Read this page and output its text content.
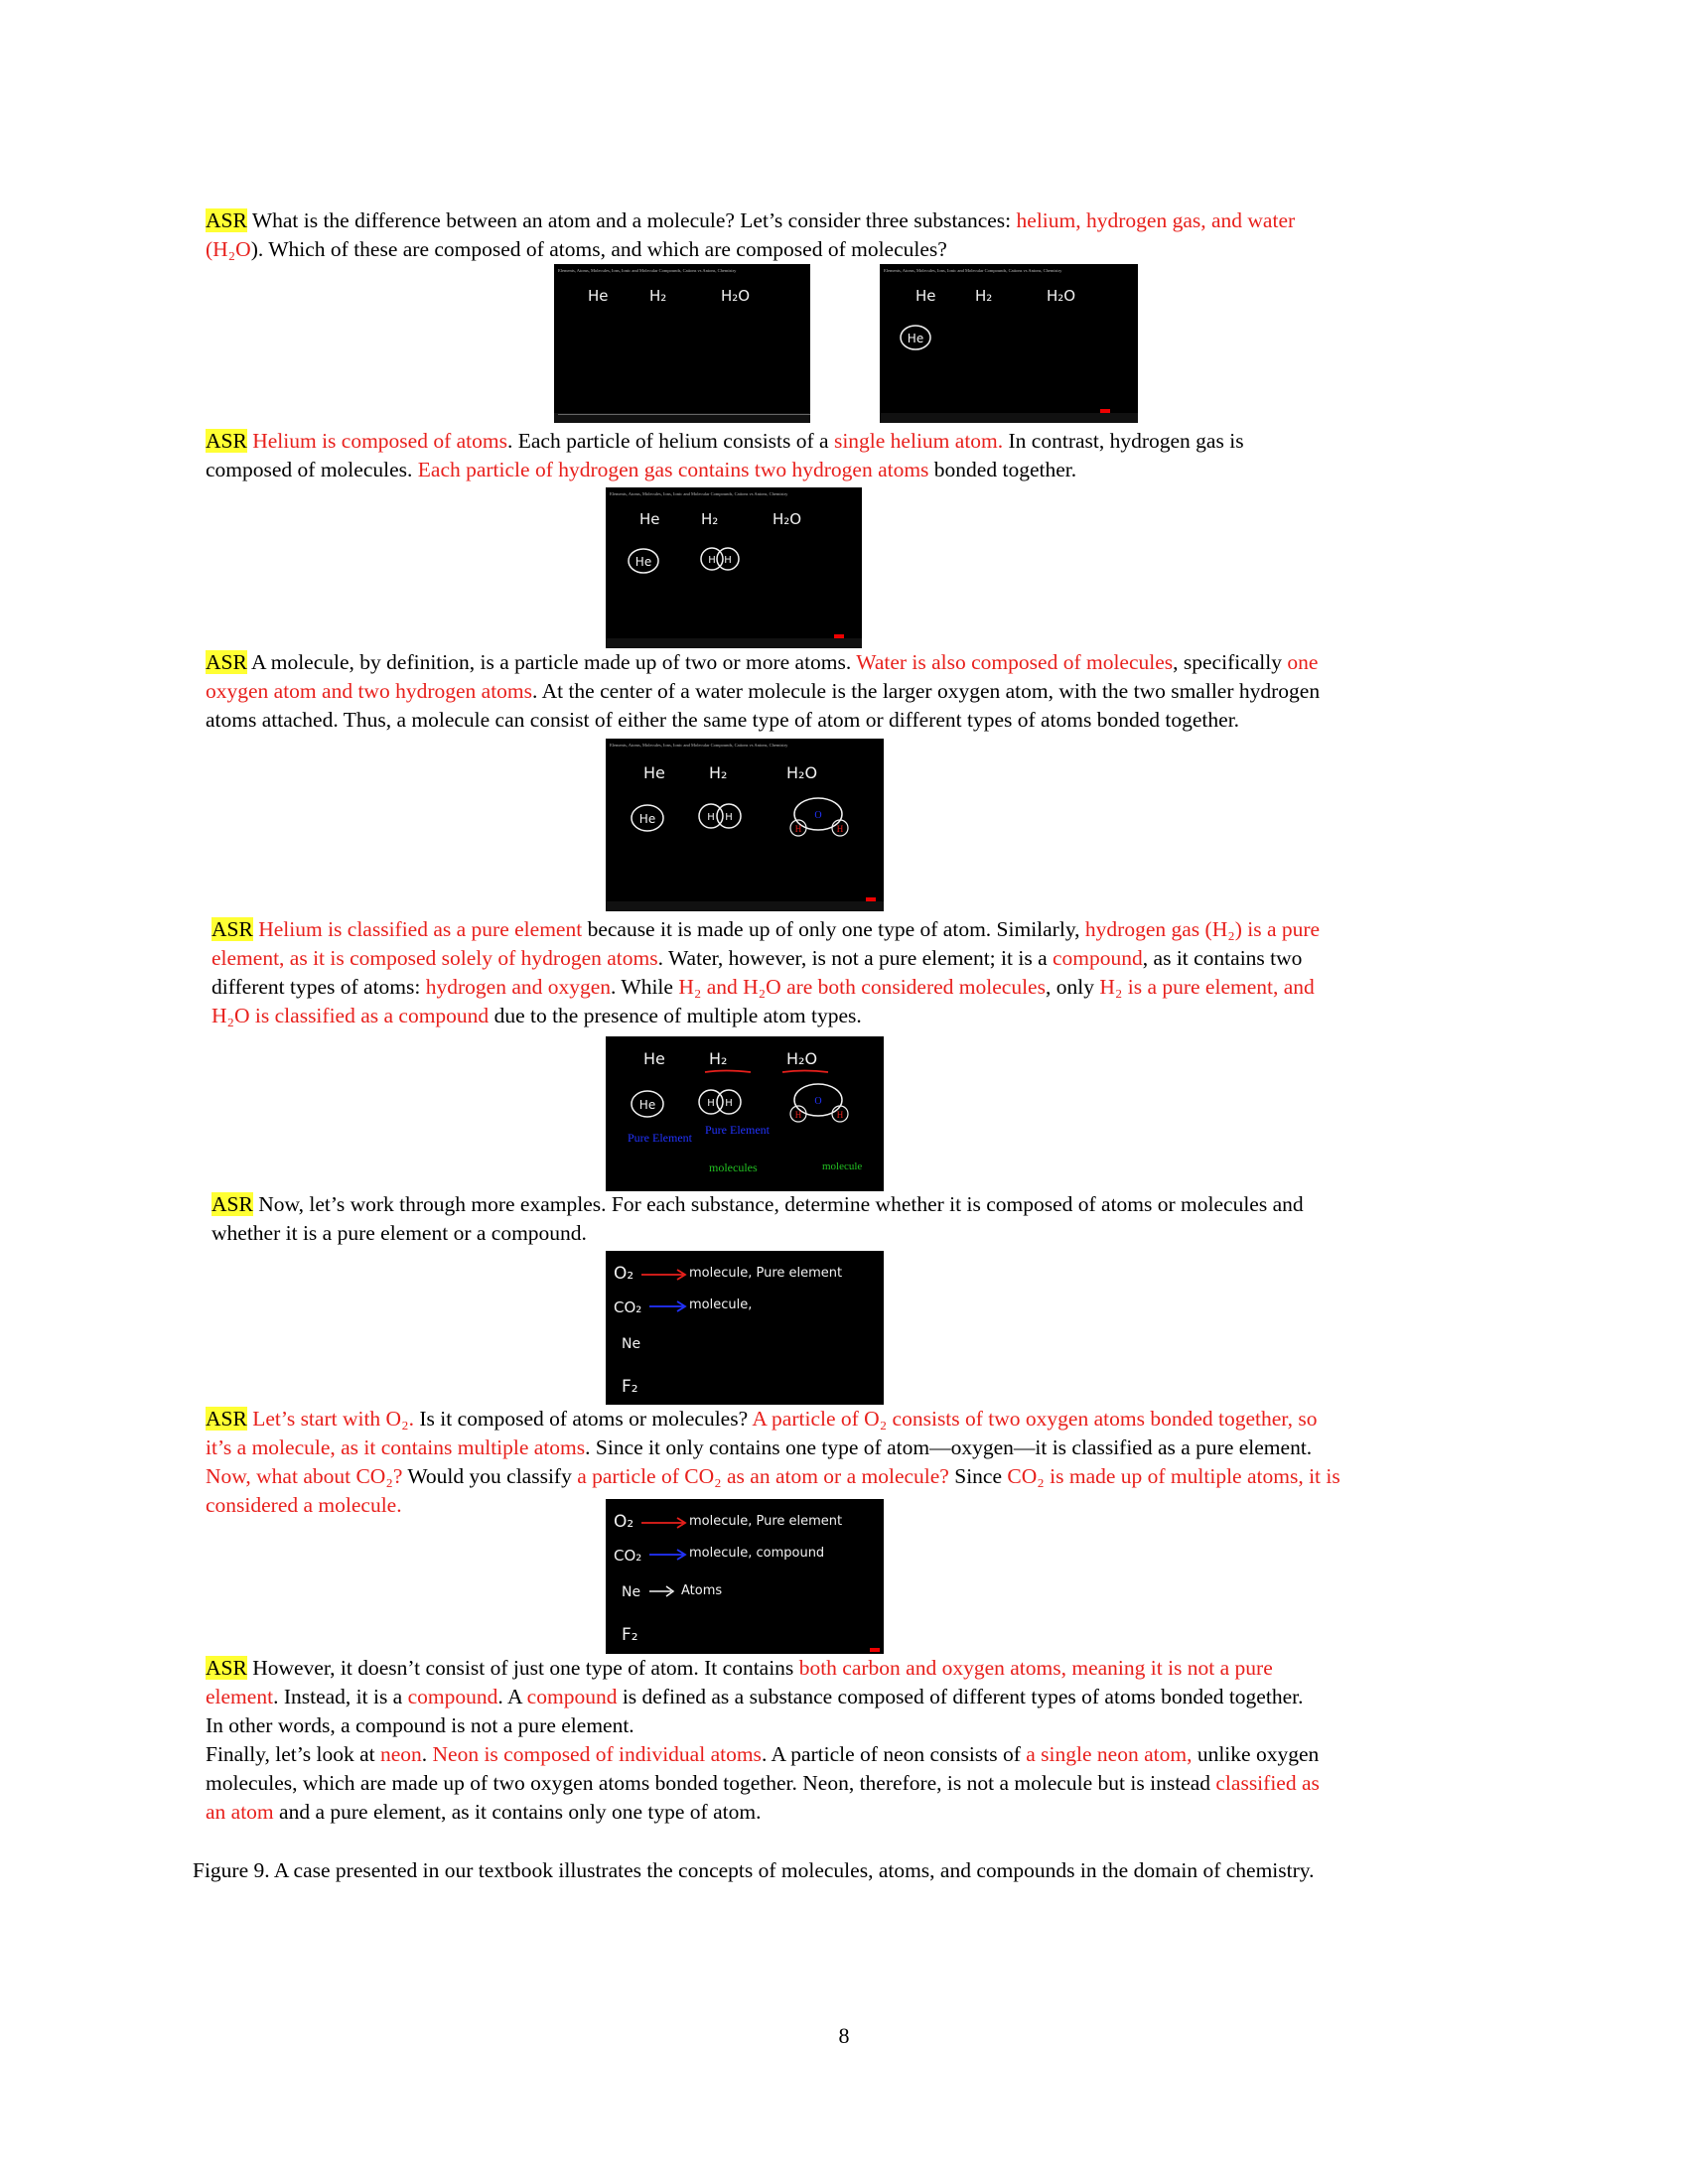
ASR What is the difference between an atom and a molecule? Let’s consider three substances: helium, hydrogen gas, and water
(H₂O). Which of these are composed of atoms, and which are composed of molecules?
Elements, Atoms, Molecules, Ions, Ionic and Molecular Compounds, Cations vs Anions, Chemistry
He	H₂	H₂O
Elements, Atoms, Molecules, Ions, Ionic and Molecular Compounds, Cations vs Anions, Chemistry
He	H₂	H₂O
He
ASR Helium is composed of atoms. Each particle of helium consists of a single helium atom. In contrast, hydrogen gas is
composed of molecules. Each particle of hydrogen gas contains two hydrogen atoms bonded together.
Elements, Atoms, Molecules, Ions, Ionic and Molecular Compounds, Cations vs Anions, Chemistry
He	H₂	H₂O
He	H H
ASR A molecule, by definition, is a particle made up of two or more atoms. Water is also composed of molecules, specifically one
oxygen atom and two hydrogen atoms. At the center of a water molecule is the larger oxygen atom, with the two smaller hydrogen
atoms attached. Thus, a molecule can consist of either the same type of atom or different types of atoms bonded together.
Elements, Atoms, Molecules, Ions, Ionic and Molecular Compounds, Cations vs Anions, Chemistry
He	H₂	H₂O
He	H H	O
H	H
ASR Helium is classified as a pure element because it is made up of only one type of atom. Similarly, hydrogen gas (H₂) is a pure
element, as it is composed solely of hydrogen atoms. Water, however, is not a pure element; it is a compound, as it contains two
different types of atoms: hydrogen and oxygen. While H₂ and H₂O are both considered molecules, only H₂ is a pure element, and
H₂O is classified as a compound due to the presence of multiple atom types.
He	H₂	H₂O
He	H H	O
H	H
Pure Element
Pure Element
molecules	molecule
ASR Now, let’s work through more examples. For each substance, determine whether it is composed of atoms or molecules and
whether it is a pure element or a compound.
O₂	molecule, Pure element
CO₂	molecule,
Ne
F₂
ASR Let’s start with O₂. Is it composed of atoms or molecules? A particle of O₂ consists of two oxygen atoms bonded together, so
it’s a molecule, as it contains multiple atoms. Since it only contains one type of atom—oxygen—it is classified as a pure element.
Now, what about CO₂? Would you classify a particle of CO₂ as an atom or a molecule? Since CO₂ is made up of multiple atoms, it is
considered a molecule.
O₂	molecule, Pure element
CO₂	molecule, compound
Ne	Atoms
F₂
ASR However, it doesn’t consist of just one type of atom. It contains both carbon and oxygen atoms, meaning it is not a pure
element. Instead, it is a compound. A compound is defined as a substance composed of different types of atoms bonded together.
In other words, a compound is not a pure element.
Finally, let’s look at neon. Neon is composed of individual atoms. A particle of neon consists of a single neon atom, unlike oxygen
molecules, which are made up of two oxygen atoms bonded together. Neon, therefore, is not a molecule but is instead classified as
an atom and a pure element, as it contains only one type of atom.
Figure 9. A case presented in our textbook illustrates the concepts of molecules, atoms, and compounds in the domain of chemistry.
8
